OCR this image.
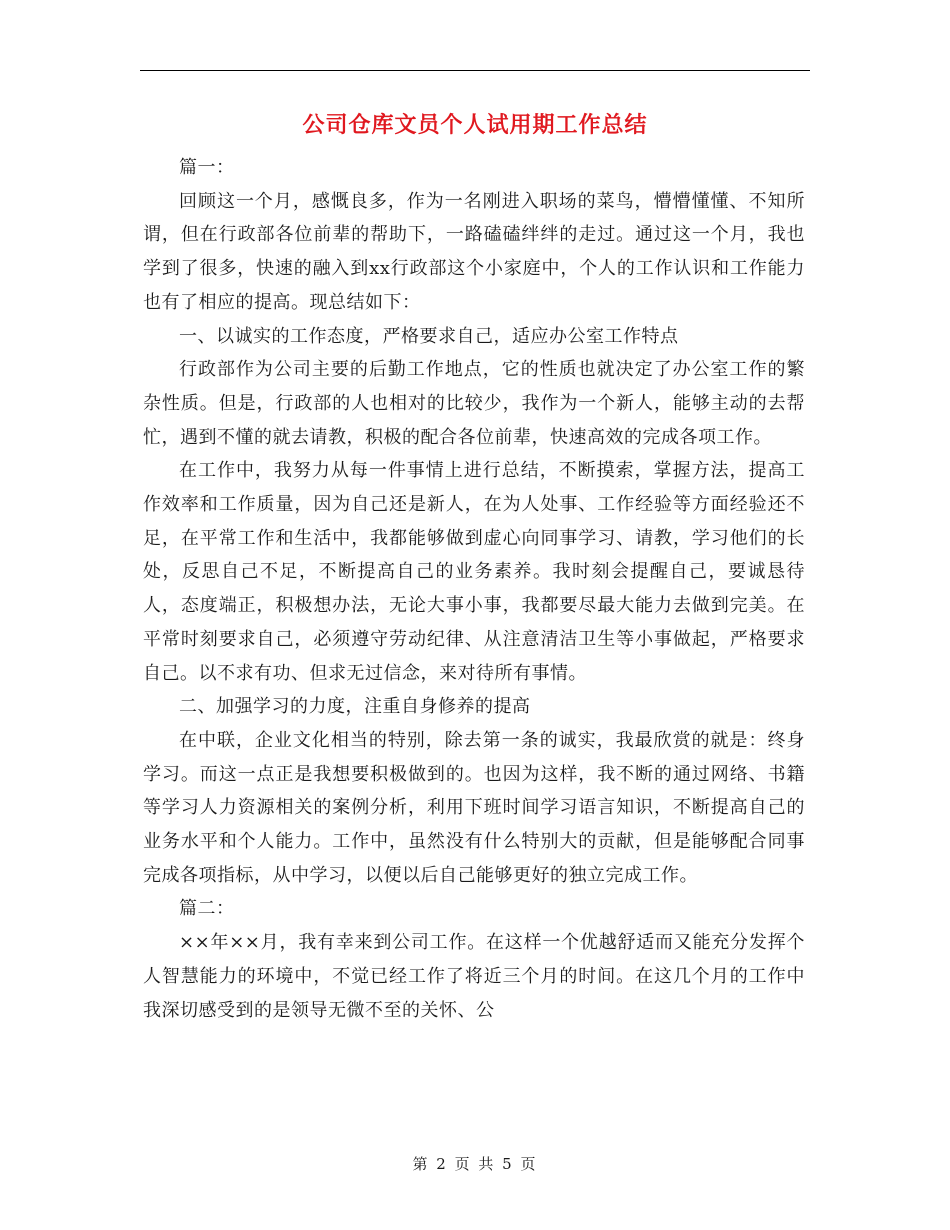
公司仓库文员个人试用期工作总结

篇一：

回顾这一个月，感慨良多，作为一名刚进入职场的菜鸟，懵懵懂懂、不知所谓，但在行政部各位前辈的帮助下，一路磕磕绊绊的走过。通过这一个月，我也学到了很多，快速的融入到xx行政部这个小家庭中，个人的工作认识和工作能力也有了相应的提高。现总结如下：

一、以诚实的工作态度，严格要求自己，适应办公室工作特点

行政部作为公司主要的后勤工作地点，它的性质也就决定了办公室工作的繁杂性质。但是，行政部的人也相对的比较少，我作为一个新人，能够主动的去帮忙，遇到不懂的就去请教，积极的配合各位前辈，快速高效的完成各项工作。

在工作中，我努力从每一件事情上进行总结，不断摸索，掌握方法，提高工作效率和工作质量，因为自己还是新人，在为人处事、工作经验等方面经验还不足，在平常工作和生活中，我都能够做到虚心向同事学习、请教，学习他们的长处，反思自己不足，不断提高自己的业务素养。我时刻会提醒自己，要诚恳待人，态度端正，积极想办法，无论大事小事，我都要尽最大能力去做到完美。在平常时刻要求自己，必须遵守劳动纪律、从注意清洁卫生等小事做起，严格要求自己。以不求有功、但求无过信念，来对待所有事情。

二、加强学习的力度，注重自身修养的提高

在中联，企业文化相当的特别，除去第一条的诚实，我最欣赏的就是：终身学习。而这一点正是我想要积极做到的。也因为这样，我不断的通过网络、书籍等学习人力资源相关的案例分析，利用下班时间学习语言知识，不断提高自己的业务水平和个人能力。工作中，虽然没有什么特别大的贡献，但是能够配合同事完成各项指标，从中学习，以便以后自己能够更好的独立完成工作。

篇二：

××年××月，我有幸来到公司工作。在这样一个优越舒适而又能充分发挥个人智慧能力的环境中，不觉已经工作了将近三个月的时间。在这几个月的工作中我深切感受到的是领导无微不至的关怀、公

第 2 页 共 5 页
